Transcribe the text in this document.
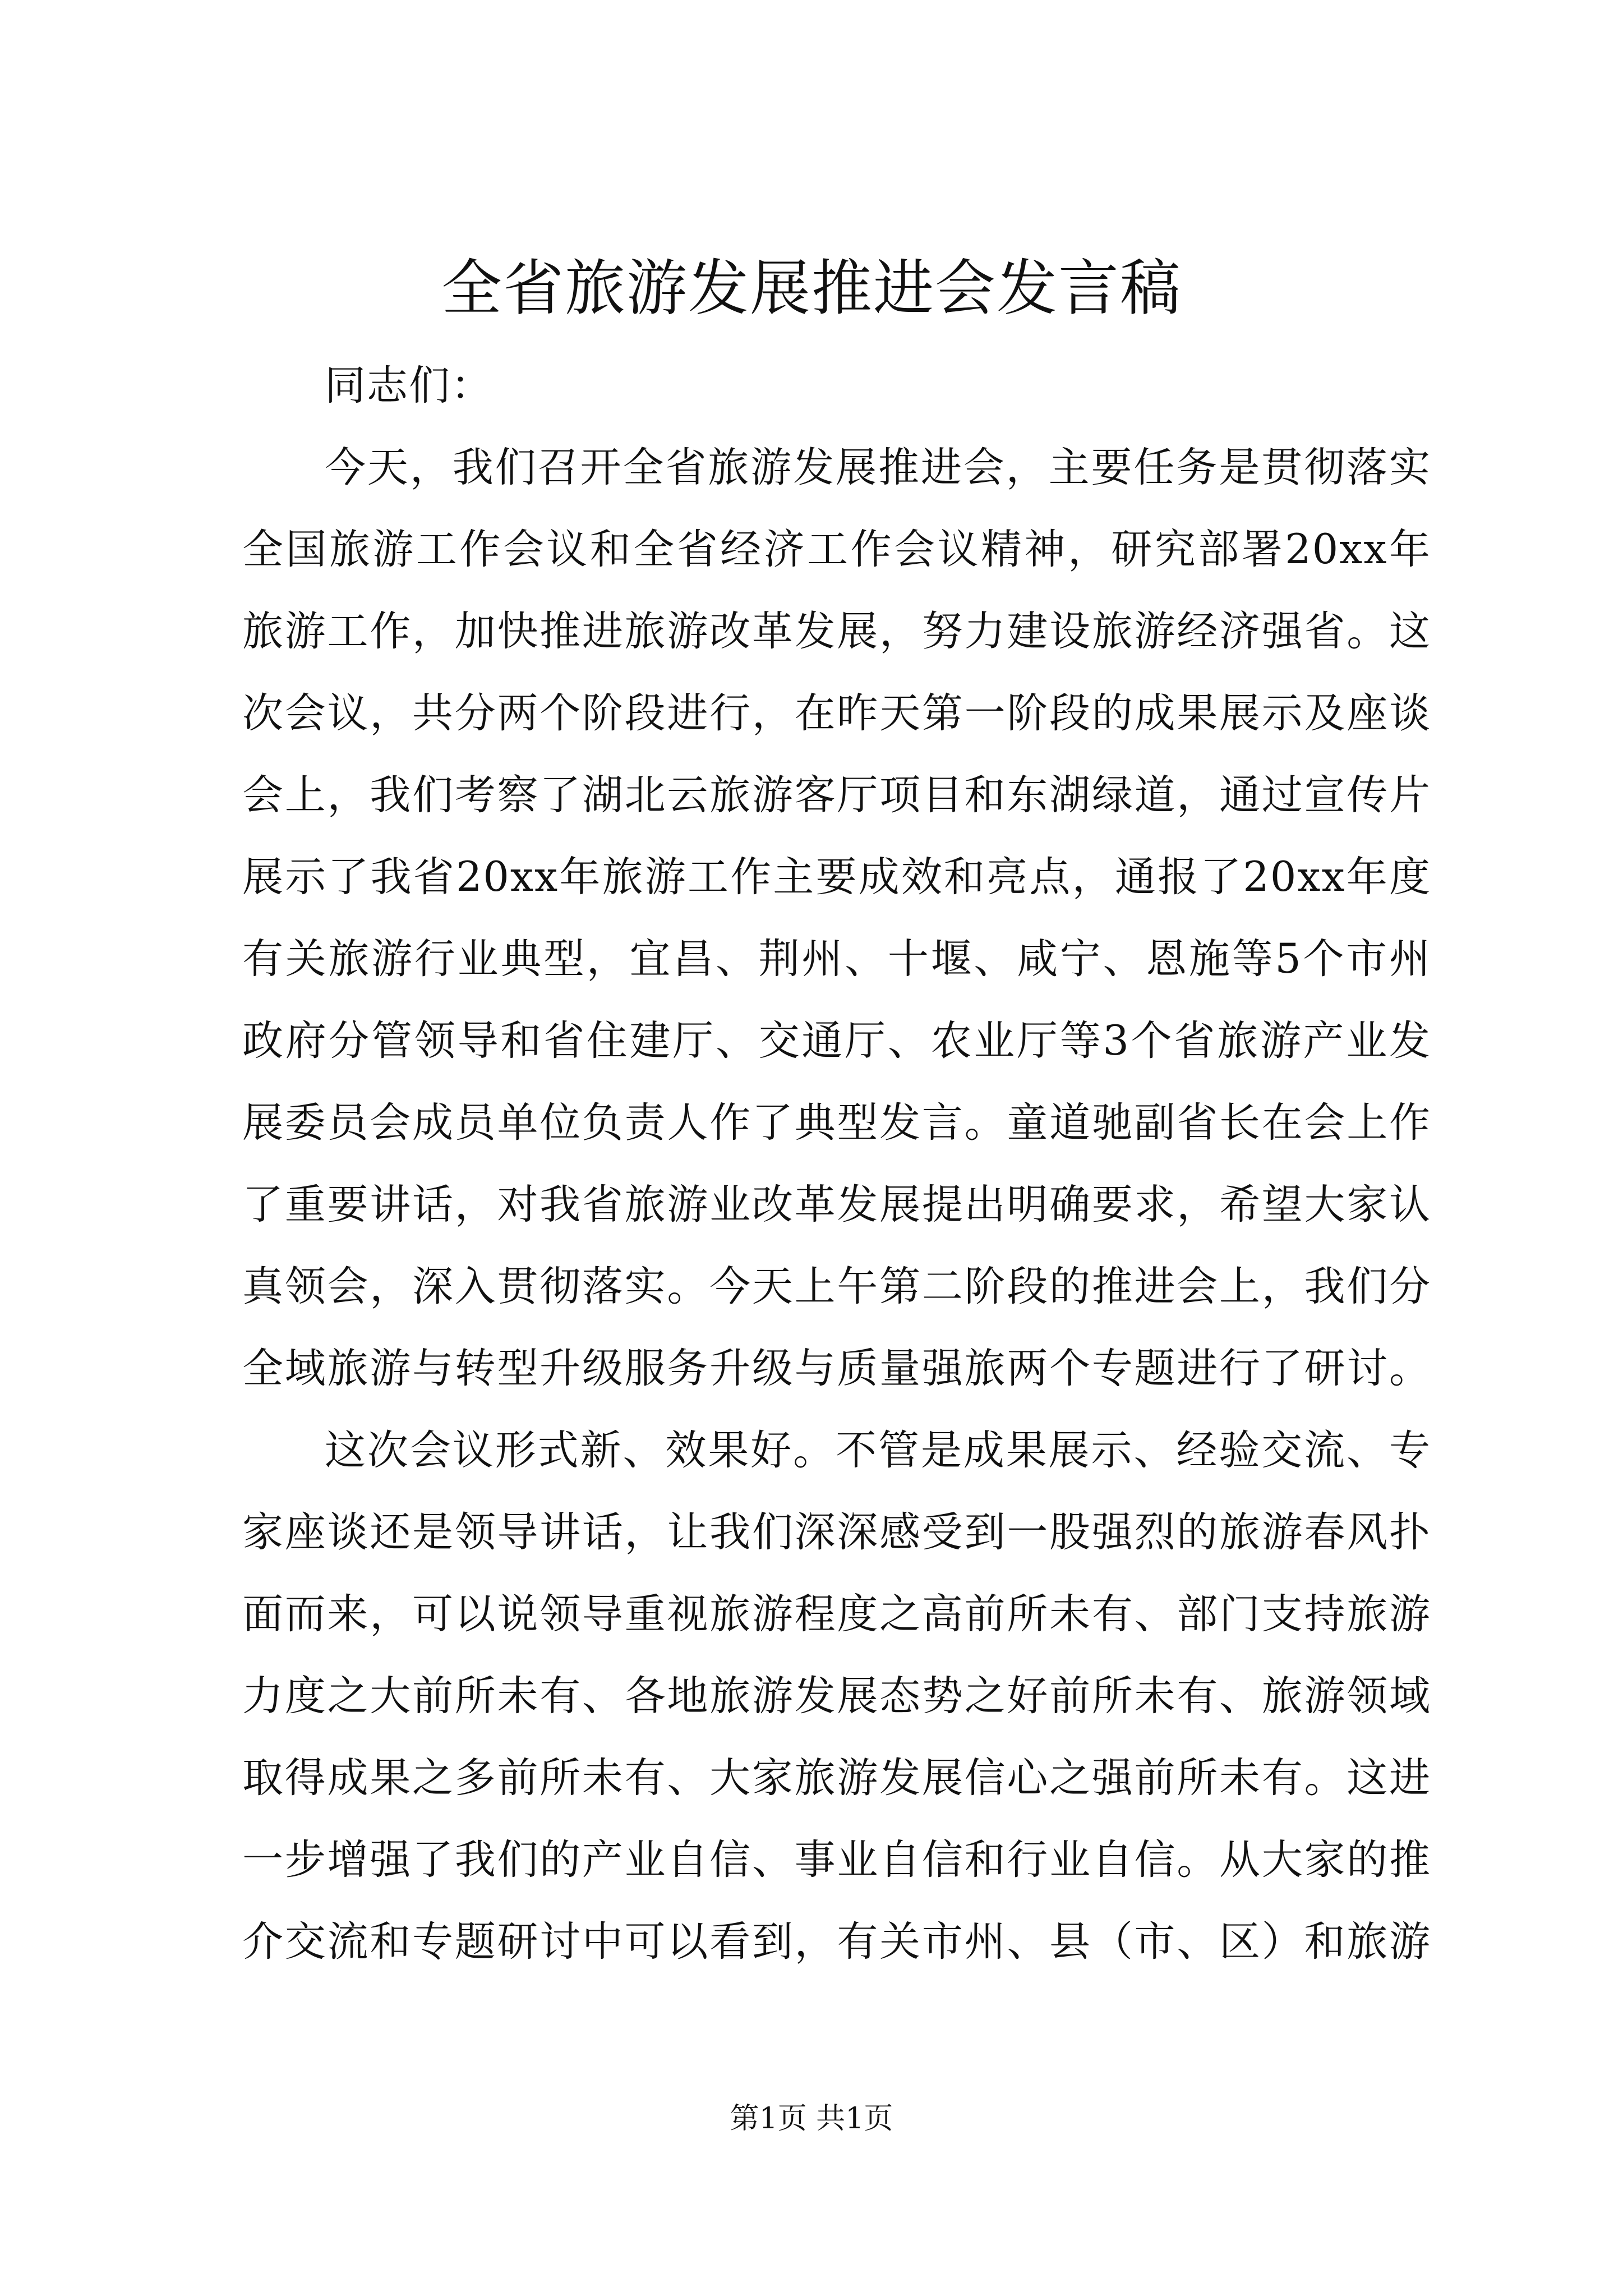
全省旅游发展推进会发言稿
同志们：
今天，我们召开全省旅游发展推进会，主要任务是贯彻落实
全国旅游工作会议和全省经济工作会议精神，研究部署20xx年
旅游工作，加快推进旅游改革发展，努力建设旅游经济强省。这
次会议，共分两个阶段进行，在昨天第一阶段的成果展示及座谈
会上，我们考察了湖北云旅游客厅项目和东湖绿道，通过宣传片
展示了我省20xx年旅游工作主要成效和亮点，通报了20xx年度
有关旅游行业典型，宜昌、荆州、十堰、咸宁、恩施等5个市州
政府分管领导和省住建厅、交通厅、农业厅等3个省旅游产业发
展委员会成员单位负责人作了典型发言。童道驰副省长在会上作
了重要讲话，对我省旅游业改革发展提出明确要求，希望大家认
真领会，深入贯彻落实。今天上午第二阶段的推进会上，我们分
全域旅游与转型升级服务升级与质量强旅两个专题进行了研讨。
这次会议形式新、效果好。不管是成果展示、经验交流、专
家座谈还是领导讲话，让我们深深感受到一股强烈的旅游春风扑
面而来，可以说领导重视旅游程度之高前所未有、部门支持旅游
力度之大前所未有、各地旅游发展态势之好前所未有、旅游领域
取得成果之多前所未有、大家旅游发展信心之强前所未有。这进
一步增强了我们的产业自信、事业自信和行业自信。从大家的推
介交流和专题研讨中可以看到，有关市州、县（市、区）和旅游
第1页 共1页
